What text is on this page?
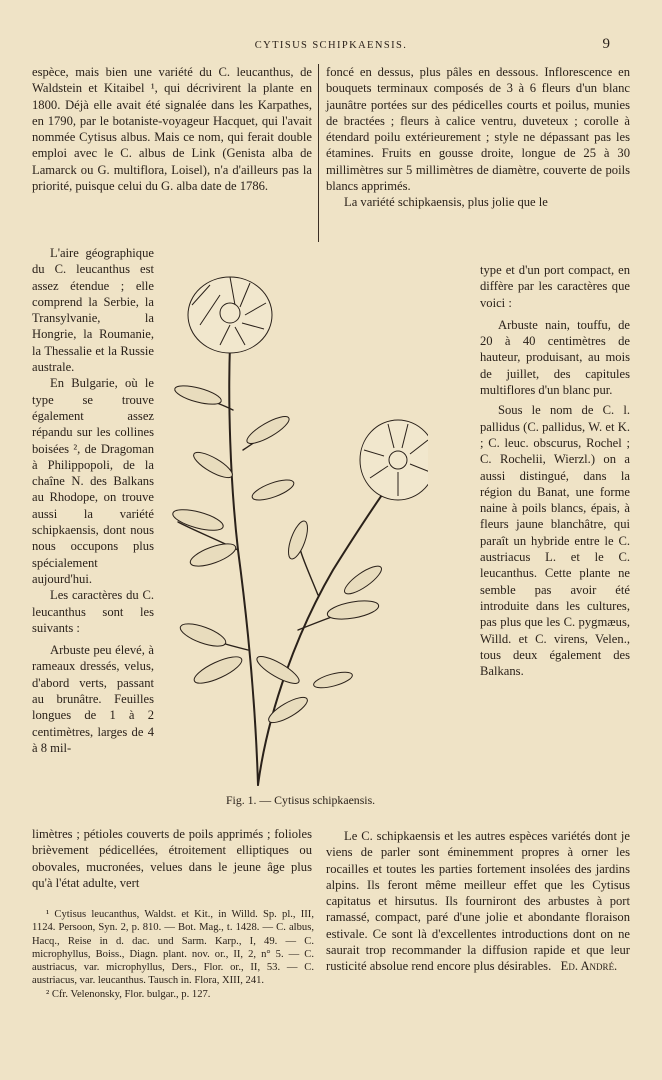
CYTISUS SCHIPKAENSIS.	9

espèce, mais bien une variété du C. leucanthus, de Waldstein et Kitaibel ¹, qui décrivirent la plante en 1800. Déjà elle avait été signalée dans les Karpathes, en 1790, par le botaniste-voyageur Hacquet, qui l'avait nommée Cytisus albus. Mais ce nom, qui ferait double emploi avec le C. albus de Link (Genista alba de Lamarck ou G. multiflora, Loisel), n'a d'ailleurs pas la priorité, puisque celui du G. alba date de 1786.

L'aire géographique du C. leucanthus est assez étendue ; elle comprend la Serbie, la Transylvanie, la Hongrie, la Roumanie, la Thessalie et la Russie australe.

En Bulgarie, où le type se trouve également assez répandu sur les collines boisées ², de Dragoman à Philippopoli, de la chaîne N. des Balkans au Rhodope, on trouve aussi la variété schipkaensis, dont nous nous occupons plus spécialement aujourd'hui.

Les caractères du C. leucanthus sont les suivants :

Arbuste peu élevé, à rameaux dressés, velus, d'abord verts, passant au brunâtre. Feuilles longues de 1 à 2 centimètres, larges de 4 à 8 mil-

limètres ; pétioles couverts de poils apprimés ; folioles brièvement pédicellées, étroitement elliptiques ou obovales, mucronées, velues dans le jeune âge plus qu'à l'état adulte, vert

foncé en dessus, plus pâles en dessous. Inflorescence en bouquets terminaux composés de 3 à 6 fleurs d'un blanc jaunâtre portées sur des pédicelles courts et poilus, munies de bractées ; fleurs à calice ventru, duveteux ; corolle à étendard poilu extérieurement ; style ne dépassant pas les étamines. Fruits en gousse droite, longue de 25 à 30 millimètres sur 5 millimètres de diamètre, couverte de poils blancs apprimés.

La variété schipkaensis, plus jolie que le

type et d'un port compact, en diffère par les caractères que voici :

Arbuste nain, touffu, de 20 à 40 centimètres de hauteur, produisant, au mois de juillet, des capitules multiflores d'un blanc pur.

Sous le nom de C. l. pallidus (C. pallidus, W. et K. ; C. leuc. obscurus, Rochel ; C. Rochelii, Wierzl.) on a aussi distingué, dans la région du Banat, une forme naine à poils blancs, épais, à fleurs jaune blanchâtre, qui paraît un hybride entre le C. austriacus L. et le C. leucanthus. Cette plante ne semble pas avoir été introduite dans les cultures, pas plus que les C. pygmæus, Willd. et C. virens, Velen., tous deux également des Balkans.

Le C. schipkaensis et les autres espèces variétés dont je viens de parler sont éminemment propres à orner les rocailles et toutes les parties fortement insolées des jardins alpins. Ils feront même meilleur effet que les Cytisus capitatus et hirsutus. Ils fourniront des arbustes à port ramassé, compact, paré d'une jolie et abondante floraison estivale. Ce sont là d'excellentes introductions dont on ne saurait trop recommander la diffusion rapide et que leur rusticité absolue rend encore plus désirables. Ed. André.

Fig. 1. — Cytisus schipkaensis.

¹ Cytisus leucanthus, Waldst. et Kit., in Willd. Sp. pl., III, 1124. Persoon, Syn. 2, p. 810. — Bot. Mag., t. 1428. — C. albus, Hacq., Reise in d. dac. und Sarm. Karp., I, 49. — C. microphyllus, Boiss., Diagn. plant. nov. or., II, 2, n° 5. — C. austriacus, var. microphyllus, Ders., Flor. or., II, 53. — C. austriacus, var. leucanthus. Tausch in. Flora, XIII, 241.

² Cfr. Velenonsky, Flor. bulgar., p. 127.
